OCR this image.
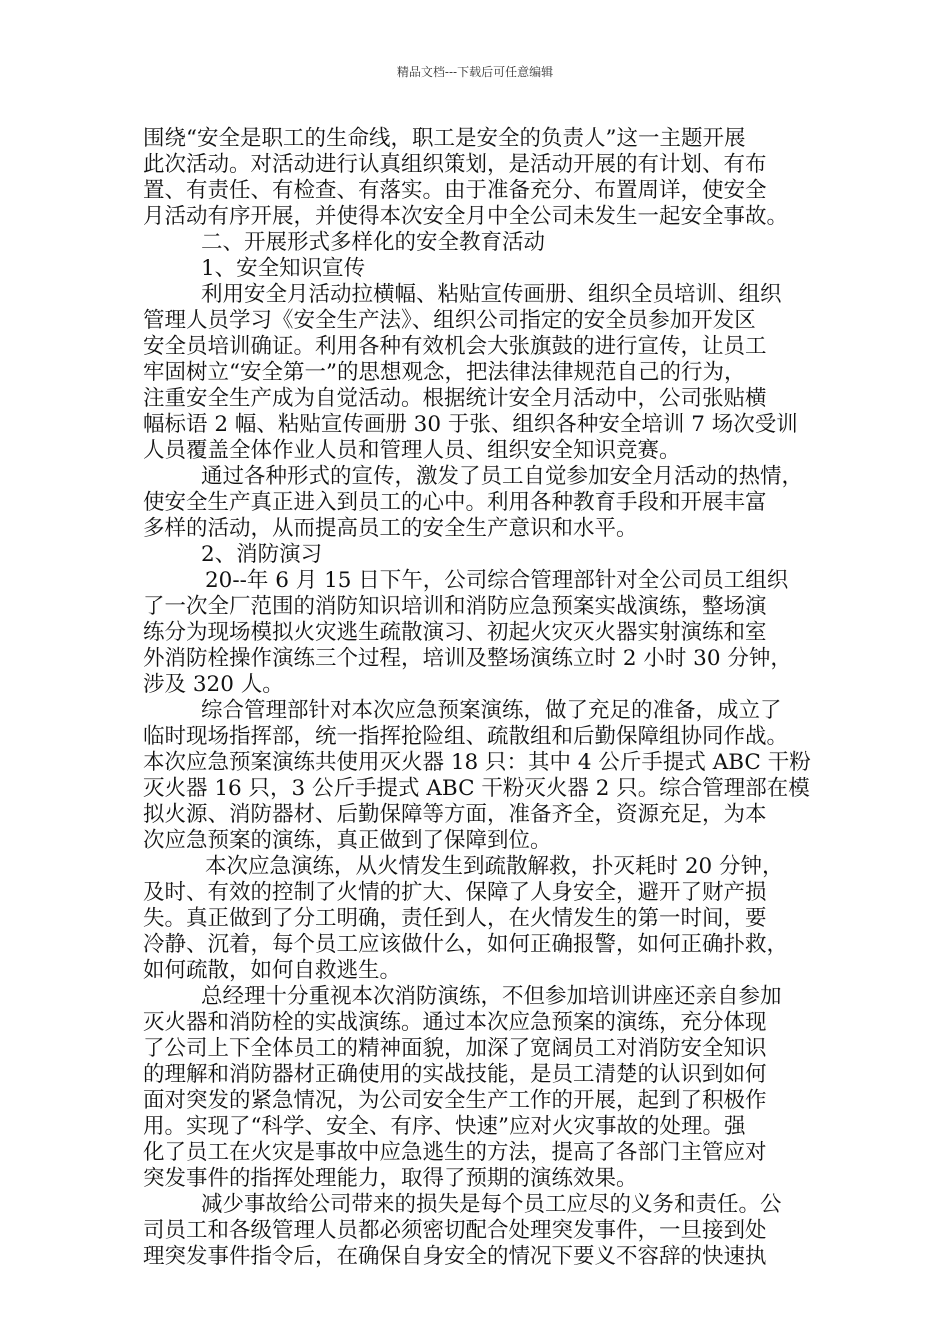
精品文档---下载后可任意编辑
围绕“安全是职工的生命线，职工是安全的负责人”这一主题开展
此次活动。对活动进行认真组织策划，是活动开展的有计划、有布
置、有责任、有检查、有落实。由于准备充分、布置周详，使安全
月活动有序开展，并使得本次安全月中全公司未发生一起安全事故。
二、开展形式多样化的安全教育活动
1、安全知识宣传
利用安全月活动拉横幅、粘贴宣传画册、组织全员培训、组织
管理人员学习《安全生产法》、组织公司指定的安全员参加开发区
安全员培训确证。利用各种有效机会大张旗鼓的进行宣传，让员工
牢固树立“安全第一”的思想观念，把法律法律规范自己的行为，
注重安全生产成为自觉活动。根据统计安全月活动中，公司张贴横
幅标语 2 幅、粘贴宣传画册 30 于张、组织各种安全培训 7 场次受训
人员覆盖全体作业人员和管理人员、组织安全知识竞赛。
通过各种形式的宣传，激发了员工自觉参加安全月活动的热情，
使安全生产真正进入到员工的心中。利用各种教育手段和开展丰富
多样的活动，从而提高员工的安全生产意识和水平。
2、消防演习
20--年 6 月 15 日下午，公司综合管理部针对全公司员工组织
了一次全厂范围的消防知识培训和消防应急预案实战演练，整场演
练分为现场模拟火灾逃生疏散演习、初起火灾灭火器实射演练和室
外消防栓操作演练三个过程，培训及整场演练立时 2 小时 30 分钟，
涉及 320 人。
综合管理部针对本次应急预案演练，做了充足的准备，成立了
临时现场指挥部，统一指挥抢险组、疏散组和后勤保障组协同作战。
本次应急预案演练共使用灭火器 18 只：其中 4 公斤手提式 ABC 干粉
灭火器 16 只，3 公斤手提式 ABC 干粉灭火器 2 只。综合管理部在模
拟火源、消防器材、后勤保障等方面，准备齐全，资源充足，为本
次应急预案的演练，真正做到了保障到位。
本次应急演练，从火情发生到疏散解救，扑灭耗时 20 分钟，
及时、有效的控制了火情的扩大、保障了人身安全，避开了财产损
失。真正做到了分工明确，责任到人，在火情发生的第一时间，要
冷静、沉着，每个员工应该做什么，如何正确报警，如何正确扑救，
如何疏散，如何自救逃生。
总经理十分重视本次消防演练，不但参加培训讲座还亲自参加
灭火器和消防栓的实战演练。通过本次应急预案的演练，充分体现
了公司上下全体员工的精神面貌，加深了宽阔员工对消防安全知识
的理解和消防器材正确使用的实战技能，是员工清楚的认识到如何
面对突发的紧急情况，为公司安全生产工作的开展，起到了积极作
用。实现了“科学、安全、有序、快速”应对火灾事故的处理。强
化了员工在火灾是事故中应急逃生的方法，提高了各部门主管应对
突发事件的指挥处理能力，取得了预期的演练效果。
减少事故给公司带来的损失是每个员工应尽的义务和责任。公
司员工和各级管理人员都必须密切配合处理突发事件，一旦接到处
理突发事件指令后，在确保自身安全的情况下要义不容辞的快速执
